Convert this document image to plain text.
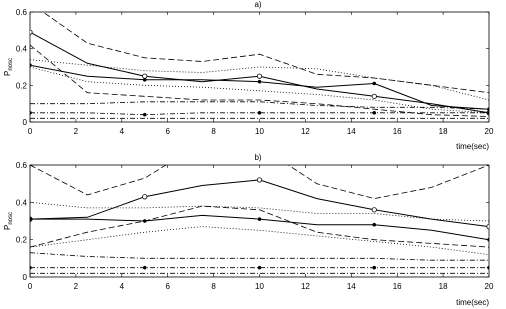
a)
$P_{nosc}$
time(sec)
0	2	4	6	8	10	12	14	16	18	20
0
0.2
0.4
0.6
b)
$P_{nosc}$
time(sec)
0	2	4	6	8	10	12	14	16	18	20
0
0.2
0.4
0.6
